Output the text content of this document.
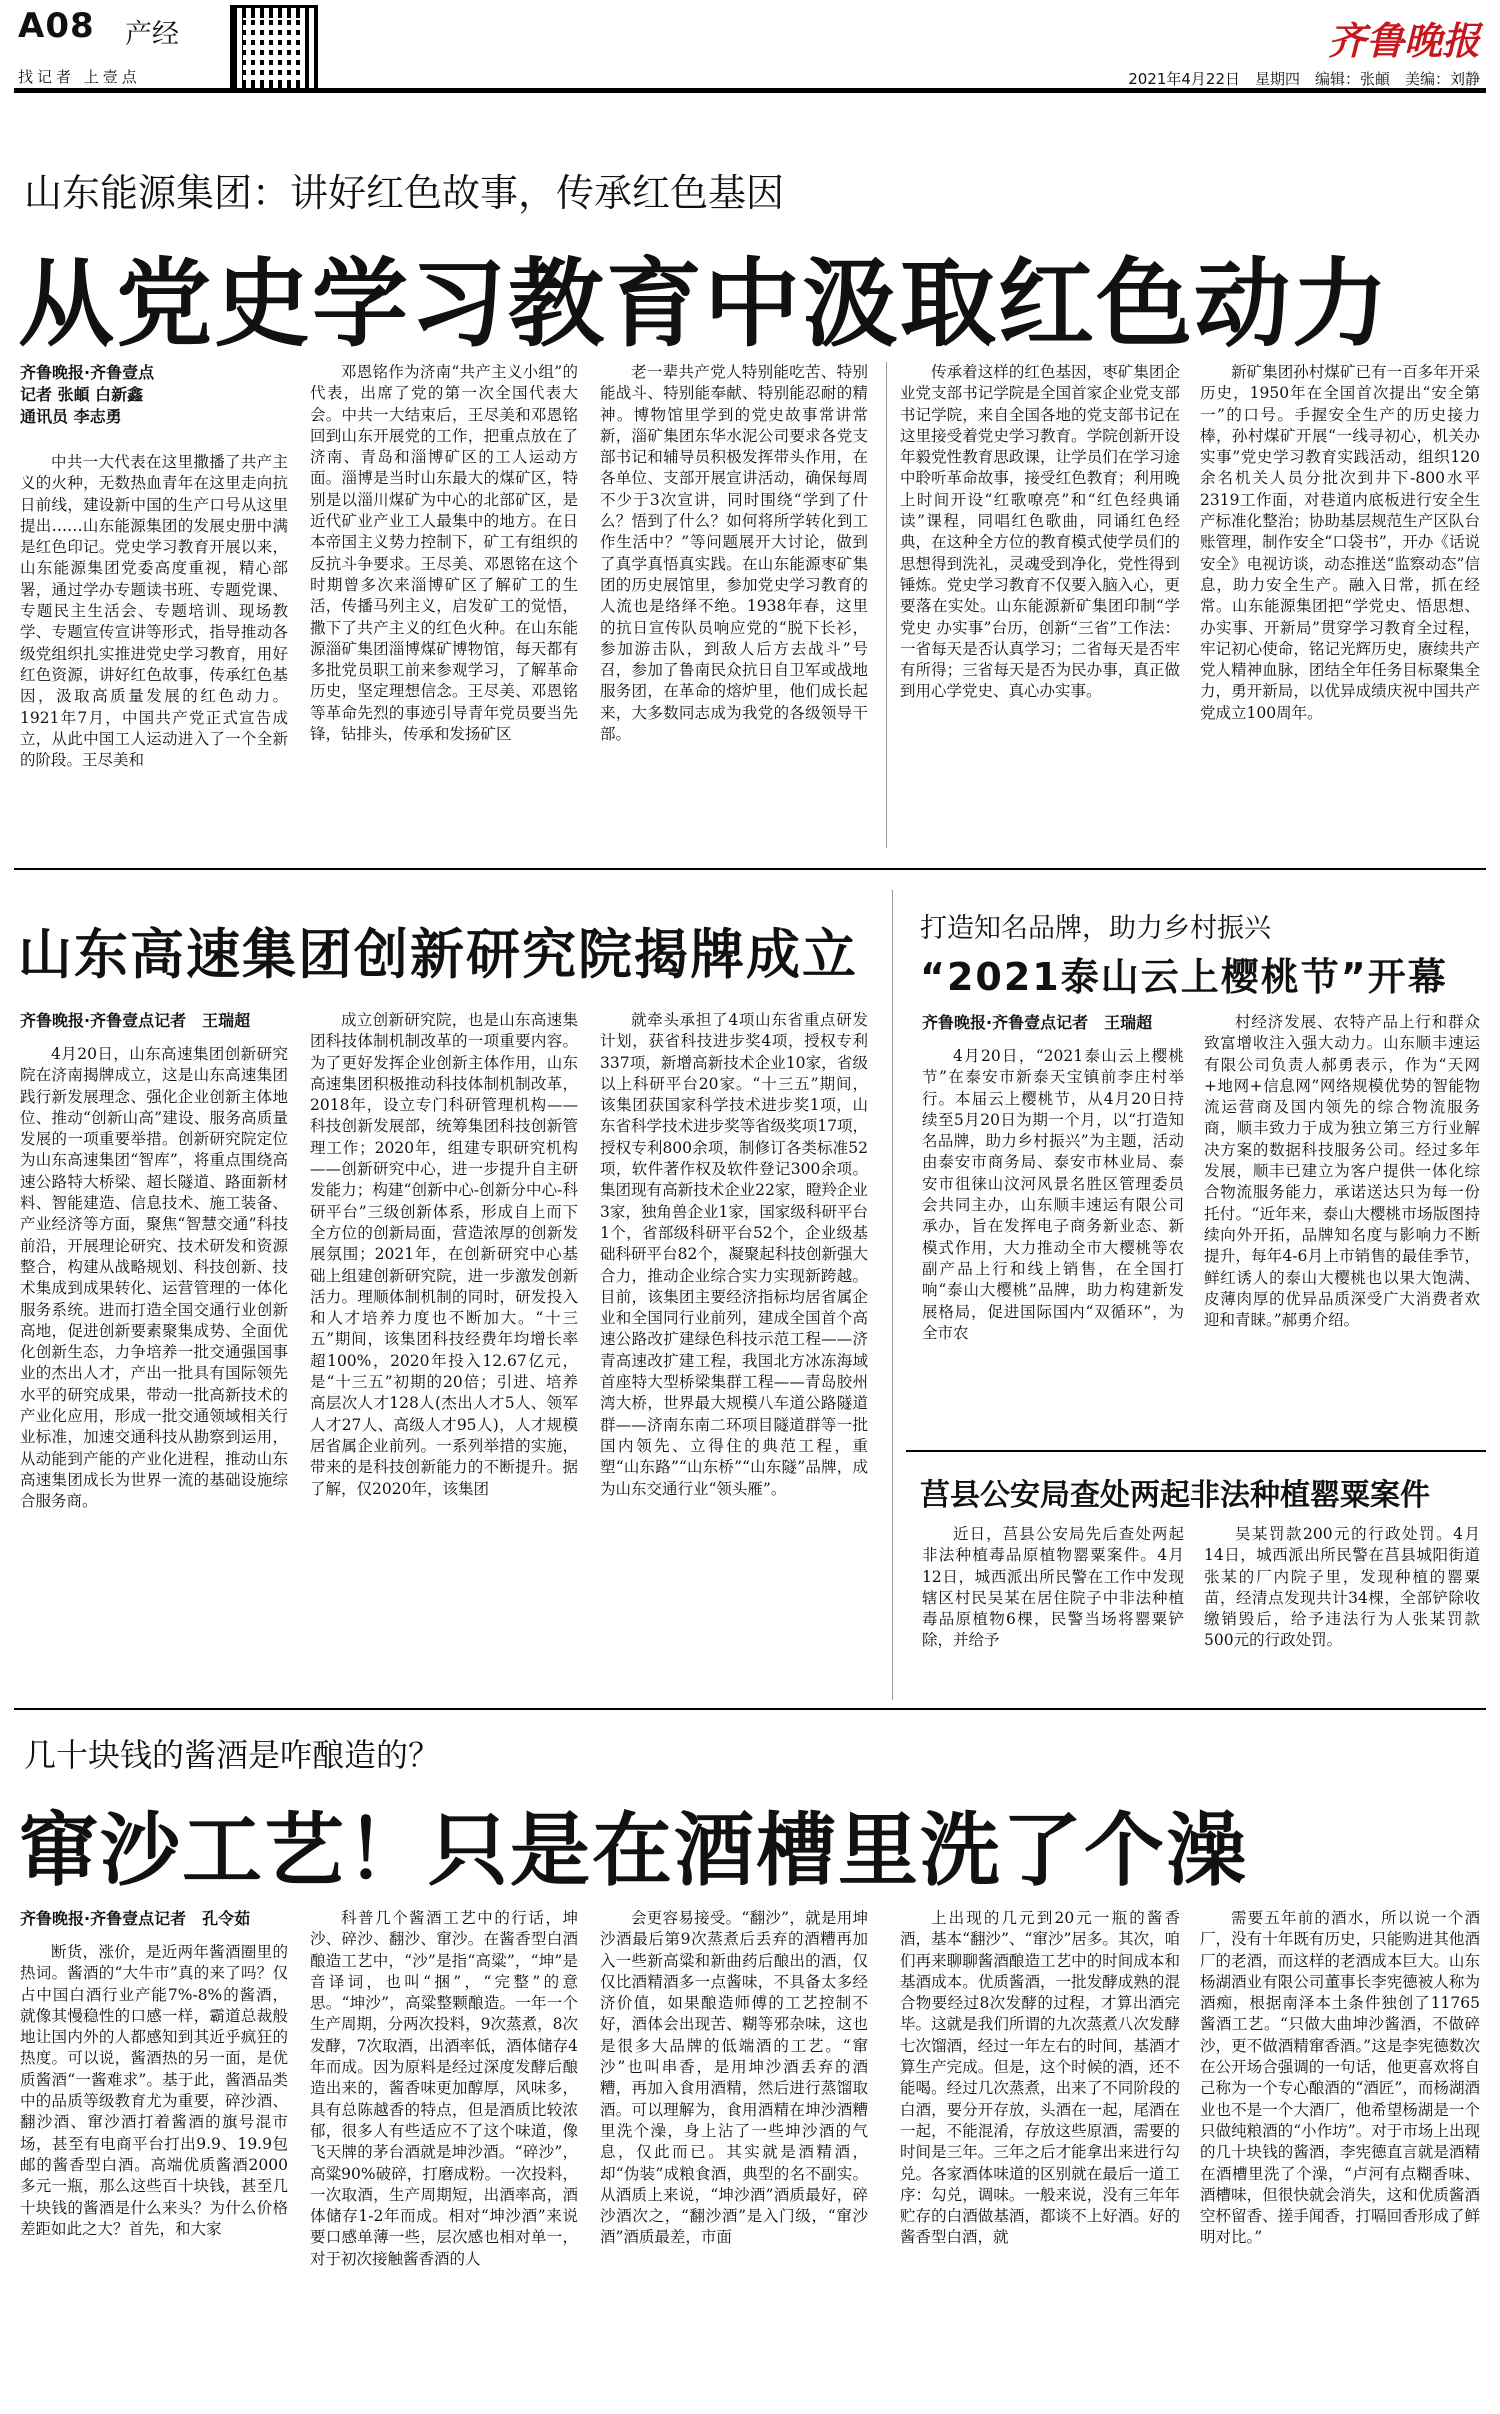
A08 产经
找记者 上壹点
齐鲁晚报
2021年4月22日　星期四　编辑：张頔　美编：刘静
山东能源集团：讲好红色故事，传承红色基因
从党史学习教育中汲取红色动力
齐鲁晚报·齐鲁壹点
记者 张頔 白新鑫
通讯员 李志勇
中共一大代表在这里撒播了共产主义的火种，无数热血青年在这里走向抗日前线，建设新中国的生产口号从这里提出……山东能源集团的发展史册中满是红色印记。党史学习教育开展以来，山东能源集团党委高度重视，精心部署，通过学办专题读书班、专题党课、专题民主生活会、专题培训、现场教学、专题宣传宣讲等形式，指导推动各级党组织扎实推进党史学习教育，用好红色资源，讲好红色故事，传承红色基因，汲取高质量发展的红色动力。1921年7月，中国共产党正式宣告成立，从此中国工人运动进入了一个全新的阶段。王尽美和
邓恩铭作为济南“共产主义小组”的代表，出席了党的第一次全国代表大会。中共一大结束后，王尽美和邓恩铭回到山东开展党的工作，把重点放在了济南、青岛和淄博矿区的工人运动方面。淄博是当时山东最大的煤矿区，特别是以淄川煤矿为中心的北部矿区，是近代矿业产业工人最集中的地方。在日本帝国主义势力控制下，矿工有组织的反抗斗争要求。王尽美、邓恩铭在这个时期曾多次来淄博矿区了解矿工的生活，传播马列主义，启发矿工的觉悟，撒下了共产主义的红色火种。在山东能源淄矿集团淄博煤矿博物馆，每天都有多批党员职工前来参观学习，了解革命历史，坚定理想信念。王尽美、邓恩铭等革命先烈的事迹引导青年党员要当先锋，钻排头，传承和发扬矿区
老一辈共产党人特别能吃苦、特别能战斗、特别能奉献、特别能忍耐的精神。博物馆里学到的党史故事常讲常新，淄矿集团东华水泥公司要求各党支部书记和辅导员积极发挥带头作用，在各单位、支部开展宣讲活动，确保每周不少于3次宣讲，同时围绕“学到了什么？悟到了什么？如何将所学转化到工作生活中？”等问题展开大讨论，做到了真学真悟真实践。在山东能源枣矿集团的历史展馆里，参加党史学习教育的人流也是络绎不绝。1938年春，这里的抗日宣传队员响应党的“脱下长衫，参加游击队，到敌人后方去战斗”号召，参加了鲁南民众抗日自卫军或战地服务团，在革命的熔炉里，他们成长起来，大多数同志成为我党的各级领导干部。
传承着这样的红色基因，枣矿集团企业党支部书记学院是全国首家企业党支部书记学院，来自全国各地的党支部书记在这里接受着党史学习教育。学院创新开设年毅党性教育思政课，让学员们在学习途中聆听革命故事，接受红色教育；利用晚上时间开设“红歌嘹亮”和“红色经典诵读”课程，同唱红色歌曲，同诵红色经典，在这种全方位的教育模式使学员们的思想得到洗礼，灵魂受到净化，党性得到锤炼。党史学习教育不仅要入脑入心，更要落在实处。山东能源新矿集团印制“学党史 办实事”台历，创新“三省”工作法：一省每天是否认真学习；二省每天是否牢有所得；三省每天是否为民办事，真正做到用心学党史、真心办实事。
新矿集团孙村煤矿已有一百多年开采历史，1950年在全国首次提出“安全第一”的口号。手握安全生产的历史接力棒，孙村煤矿开展“一线寻初心，机关办实事”党史学习教育实践活动，组织120余名机关人员分批次到井下-800水平2319工作面，对巷道内底板进行安全生产标准化整治；协助基层规范生产区队台账管理，制作安全“口袋书”，开办《话说安全》电视访谈，动态推送“监察动态”信息，助力安全生产。融入日常，抓在经常。山东能源集团把“学党史、悟思想、办实事、开新局”贯穿学习教育全过程，牢记初心使命，铭记光辉历史，赓续共产党人精神血脉，团结全年任务目标聚集全力，勇开新局，以优异成绩庆祝中国共产党成立100周年。
山东高速集团创新研究院揭牌成立
齐鲁晚报·齐鲁壹点记者　王瑞超
4月20日，山东高速集团创新研究院在济南揭牌成立，这是山东高速集团践行新发展理念、强化企业创新主体地位、推动“创新山高”建设、服务高质量发展的一项重要举措。创新研究院定位为山东高速集团“智库”，将重点围绕高速公路特大桥梁、超长隧道、路面新材料、智能建造、信息技术、施工装备、产业经济等方面，聚焦“智慧交通”科技前沿，开展理论研究、技术研发和资源整合，构建从战略规划、科技创新、技术集成到成果转化、运营管理的一体化服务系统。进而打造全国交通行业创新高地，促进创新要素聚集成势、全面优化创新生态，力争培养一批交通强国事业的杰出人才，产出一批具有国际领先水平的研究成果，带动一批高新技术的产业化应用，形成一批交通领域相关行业标准，加速交通科技从勘察到运用，从动能到产能的产业化进程，推动山东高速集团成长为世界一流的基础设施综合服务商。
成立创新研究院，也是山东高速集团科技体制机制改革的一项重要内容。为了更好发挥企业创新主体作用，山东高速集团积极推动科技体制机制改革，2018年，设立专门科研管理机构——科技创新发展部，统筹集团科技创新管理工作；2020年，组建专职研究机构——创新研究中心，进一步提升自主研发能力；构建“创新中心-创新分中心-科研平台”三级创新体系，形成自上而下全方位的创新局面，营造浓厚的创新发展氛围；2021年，在创新研究中心基础上组建创新研究院，进一步激发创新活力。理顺体制机制的同时，研发投入和人才培养力度也不断加大。“十三五”期间，该集团科技经费年均增长率超100%，2020年投入12.67亿元，是“十三五”初期的20倍；引进、培养高层次人才128人(杰出人才5人、领军人才27人、高级人才95人)，人才规模居省属企业前列。一系列举措的实施，带来的是科技创新能力的不断提升。据了解，仅2020年，该集团
就牵头承担了4项山东省重点研发计划，获省科技进步奖4项，授权专利337项，新增高新技术企业10家，省级以上科研平台20家。“十三五”期间，该集团获国家科学技术进步奖1项，山东省科学技术进步奖等省级奖项17项，授权专利800余项，制修订各类标准52项，软件著作权及软件登记300余项。集团现有高新技术企业22家，瞪羚企业3家，独角兽企业1家，国家级科研平台1个，省部级科研平台52个，企业级基础科研平台82个，凝聚起科技创新强大合力，推动企业综合实力实现新跨越。目前，该集团主要经济指标均居省属企业和全国同行业前列，建成全国首个高速公路改扩建绿色科技示范工程——济青高速改扩建工程，我国北方冰冻海域首座特大型桥梁集群工程——青岛胶州湾大桥，世界最大规模八车道公路隧道群——济南东南二环项目隧道群等一批国内领先、立得住的典范工程，重塑“山东路”“山东桥”“山东隧”品牌，成为山东交通行业“领头雁”。
打造知名品牌，助力乡村振兴
“2021泰山云上樱桃节”开幕
齐鲁晚报·齐鲁壹点记者　王瑞超
4月20日，“2021泰山云上樱桃节”在泰安市新泰天宝镇前李庄村举行。本届云上樱桃节，从4月20日持续至5月20日为期一个月，以“打造知名品牌，助力乡村振兴”为主题，活动由泰安市商务局、泰安市林业局、泰安市徂徕山汶河风景名胜区管理委员会共同主办，山东顺丰速运有限公司承办，旨在发挥电子商务新业态、新模式作用，大力推动全市大樱桃等农副产品上行和线上销售，在全国打响“泰山大樱桃”品牌，助力构建新发展格局，促进国际国内“双循环”，为全市农
村经济发展、农特产品上行和群众致富增收注入强大动力。山东顺丰速运有限公司负责人郝勇表示，作为“天网+地网+信息网”网络规模优势的智能物流运营商及国内领先的综合物流服务商，顺丰致力于成为独立第三方行业解决方案的数据科技服务公司。经过多年发展，顺丰已建立为客户提供一体化综合物流服务能力，承诺送达只为每一份托付。“近年来，泰山大樱桃市场版图持续向外开拓，品牌知名度与影响力不断提升，每年4-6月上市销售的最佳季节，鲜红诱人的泰山大樱桃也以果大饱满、皮薄肉厚的优异品质深受广大消费者欢迎和青睐。”郝勇介绍。
莒县公安局查处两起非法种植罂粟案件
近日，莒县公安局先后查处两起非法种植毒品原植物罂粟案件。4月12日，城西派出所民警在工作中发现辖区村民吴某在居住院子中非法种植毒品原植物6棵，民警当场将罂粟铲除，并给予
吴某罚款200元的行政处罚。4月14日，城西派出所民警在莒县城阳街道张某的厂内院子里，发现种植的罂粟苗，经清点发现共计34棵，全部铲除收缴销毁后，给予违法行为人张某罚款500元的行政处罚。
几十块钱的酱酒是咋酿造的？
窜沙工艺！只是在酒槽里洗了个澡
齐鲁晚报·齐鲁壹点记者　孔令茹
断货，涨价，是近两年酱酒圈里的热词。酱酒的“大牛市”真的来了吗？仅占中国白酒行业产能7%-8%的酱酒，就像其慢稳性的口感一样，霸道总裁般地让国内外的人都感知到其近乎疯狂的热度。可以说，酱酒热的另一面，是优质酱酒“一酱难求”。基于此，酱酒品类中的品质等级教育尤为重要，碎沙酒、翻沙酒、窜沙酒打着酱酒的旗号混市场，甚至有电商平台打出9.9、19.9包邮的酱香型白酒。高端优质酱酒2000多元一瓶，那么这些百十块钱，甚至几十块钱的酱酒是什么来头？为什么价格差距如此之大？首先，和大家
科普几个酱酒工艺中的行话，坤沙、碎沙、翻沙、窜沙。在酱香型白酒酿造工艺中，“沙”是指“高粱”，“坤”是音译词，也叫“捆”，“完整”的意思。“坤沙”，高粱整颗酿造。一年一个生产周期，分两次投料，9次蒸煮，8次发酵，7次取酒，出酒率低，酒体储存4年而成。因为原料是经过深度发酵后酿造出来的，酱香味更加醇厚，风味多，具有总陈越香的特点，但是酒质比较浓郁，很多人有些适应不了这个味道，像飞天牌的茅台酒就是坤沙酒。“碎沙”，高粱90%破碎，打磨成粉。一次投料，一次取酒，生产周期短，出酒率高，酒体储存1-2年而成。相对“坤沙酒”来说要口感单薄一些，层次感也相对单一，对于初次接触酱香酒的人
会更容易接受。“翻沙”，就是用坤沙酒最后第9次蒸煮后丢弃的酒糟再加入一些新高粱和新曲药后酿出的酒，仅仅比酒精酒多一点酱味，不具备太多经济价值，如果酿造师傅的工艺控制不好，酒体会出现苦、糊等邪杂味，这也是很多大品牌的低端酒的工艺。“窜沙”也叫串香，是用坤沙酒丢弃的酒糟，再加入食用酒精，然后进行蒸馏取酒。可以理解为，食用酒精在坤沙酒糟里洗个澡，身上沾了一些坤沙酒的气息，仅此而已。其实就是酒精酒，却“伪装”成粮食酒，典型的名不副实。从酒质上来说，“坤沙酒”酒质最好，碎沙酒次之，“翻沙酒”是入门级，“窜沙酒”酒质最差，市面
上出现的几元到20元一瓶的酱香酒，基本“翻沙”、“窜沙”居多。其次，咱们再来聊聊酱酒酿造工艺中的时间成本和基酒成本。优质酱酒，一批发酵成熟的混合物要经过8次发酵的过程，才算出酒完毕。这就是我们所谓的九次蒸煮八次发酵七次馏酒，经过一年左右的时间，基酒才算生产完成。但是，这个时候的酒，还不能喝。经过几次蒸煮，出来了不同阶段的白酒，要分开存放，头酒在一起，尾酒在一起，不能混淆，存放这些原酒，需要的时间是三年。三年之后才能拿出来进行勾兑。各家酒体味道的区别就在最后一道工序：勾兑，调味。一般来说，没有三年年贮存的白酒做基酒，都谈不上好酒。好的酱香型白酒，就
需要五年前的酒水，所以说一个酒厂，没有十年既有历史，只能购进其他酒厂的老酒，而这样的老酒成本巨大。山东杨湖酒业有限公司董事长李宪德被人称为酒痴，根据南泽本土条件独创了11765酱酒工艺。“只做大曲坤沙酱酒，不做碎沙，更不做酒精窜香酒。”这是李宪德数次在公开场合强调的一句话，他更喜欢将自己称为一个专心酿酒的“酒匠”，而杨湖酒业也不是一个大酒厂，他希望杨湖是一个只做纯粮酒的“小作坊”。对于市场上出现的几十块钱的酱酒，李宪德直言就是酒精在酒槽里洗了个澡，“卢河有点糊香味、酒槽味，但很快就会消失，这和优质酱酒空杯留香、搓手闻香，打嗝回香形成了鲜明对比。”
